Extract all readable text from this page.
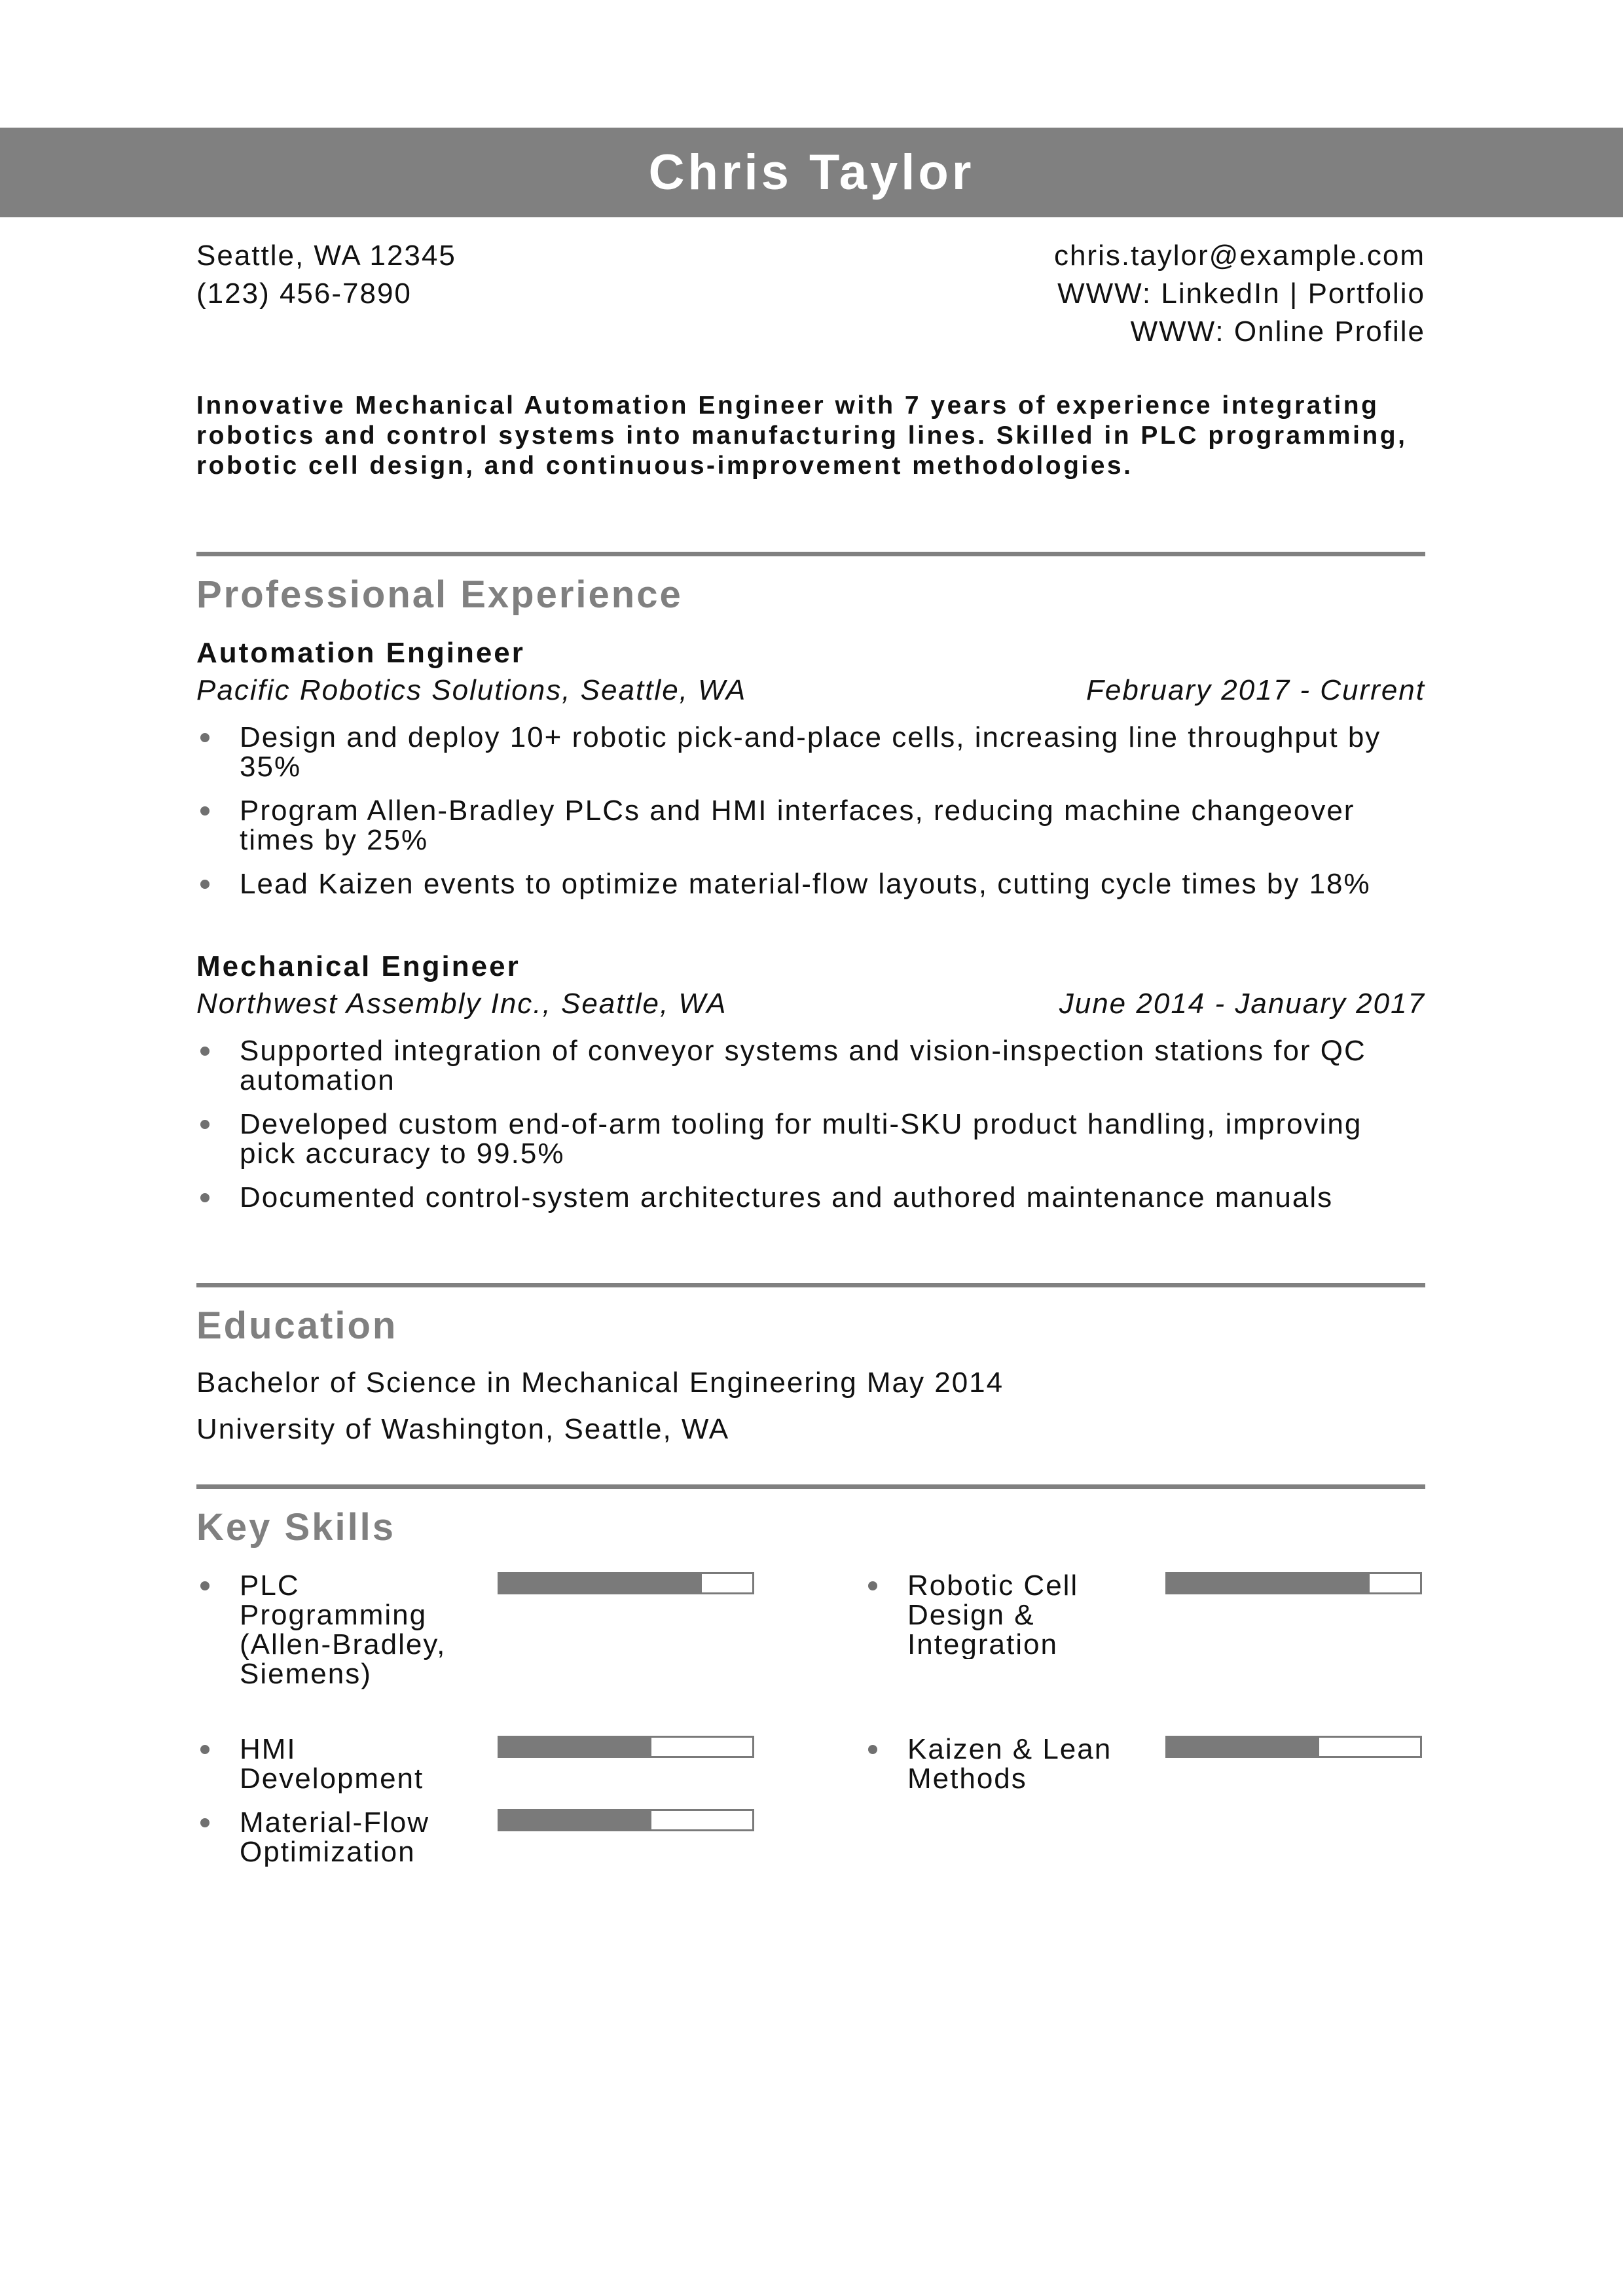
Chris Taylor
Seattle, WA 12345
(123) 456-7890
chris.taylor@example.com
WWW: LinkedIn | Portfolio
WWW: Online Profile
Innovative Mechanical Automation Engineer with 7 years of experience integrating robotics and control systems into manufacturing lines. Skilled in PLC programming, robotic cell design, and continuous-improvement methodologies.
Professional Experience
Automation Engineer
Pacific Robotics Solutions, Seattle, WA	February 2017 - Current
Design and deploy 10+ robotic pick-and-place cells, increasing line throughput by 35%
Program Allen-Bradley PLCs and HMI interfaces, reducing machine changeover times by 25%
Lead Kaizen events to optimize material-flow layouts, cutting cycle times by 18%
Mechanical Engineer
Northwest Assembly Inc., Seattle, WA	June 2014 - January 2017
Supported integration of conveyor systems and vision-inspection stations for QC automation
Developed custom end-of-arm tooling for multi-SKU product handling, improving pick accuracy to 99.5%
Documented control-system architectures and authored maintenance manuals
Education
Bachelor of Science in Mechanical Engineering May 2014
University of Washington, Seattle, WA
Key Skills
PLC Programming (Allen-Bradley, Siemens)
Robotic Cell Design & Integration
HMI Development
Kaizen & Lean Methods
Material-Flow Optimization
